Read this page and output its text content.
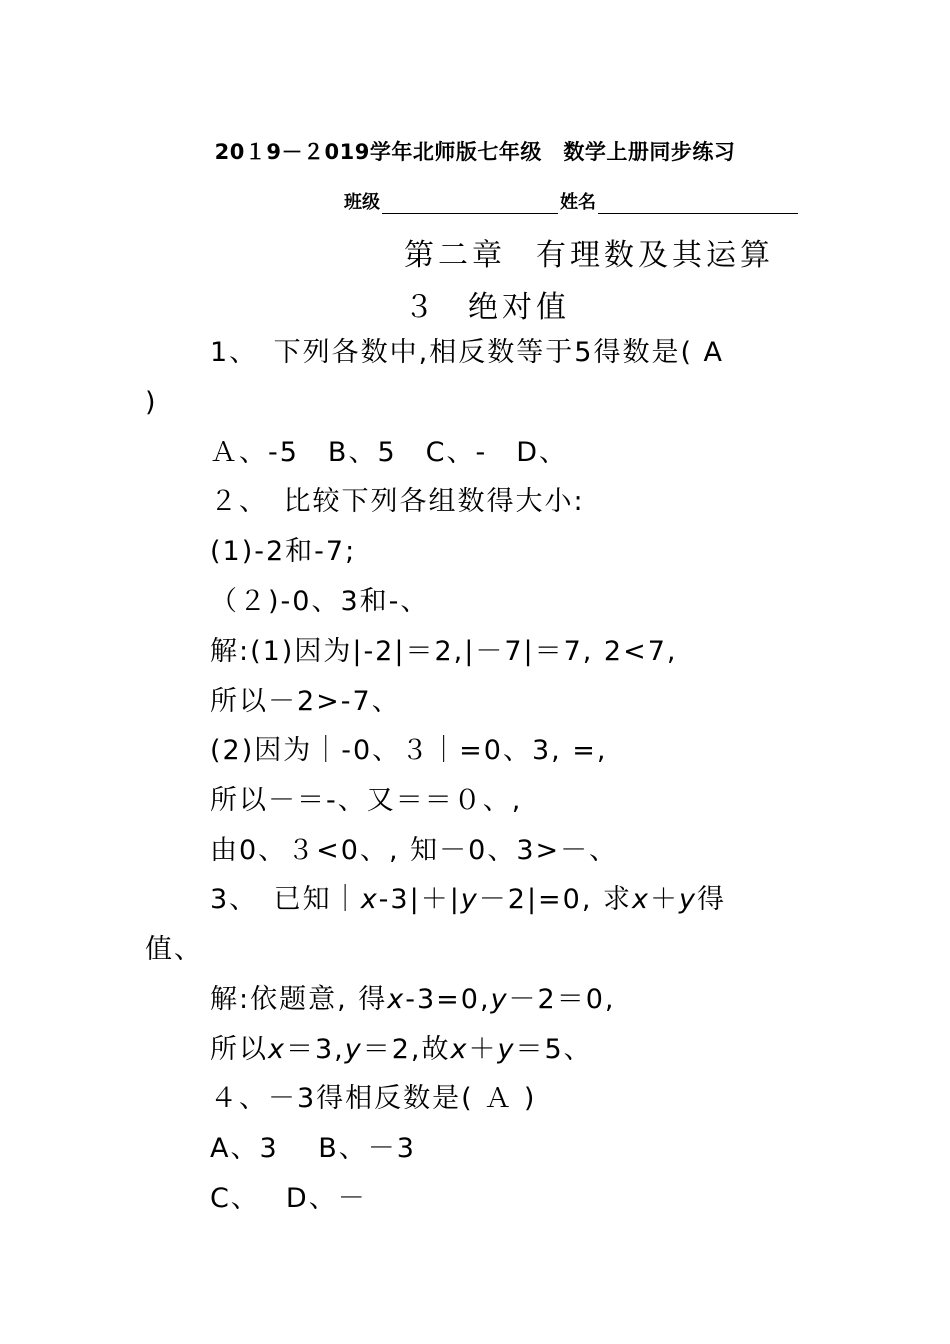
20１9－２019学年北师版七年级　数学上册同步练习
班级	姓名
第二章 有理数及其运算
３ 绝对值
1、　下列各数中,相反数等于5得数是( A
)
Ａ、-5　B、5　C、-　D、
２、　比较下列各组数得大小:
(1)-2和-7;
（２)-0、3和-、
解:(1)因为|-2|＝2,|－7|＝7, 2<7,
所以－2>-7、
(2)因为｜-0、３｜=0、3, =,
所以－＝-、又＝＝０、,
由0、３<0、, 知－0、3>－、
3、　已知｜x-3|＋|y－2|=0, 求x＋y得
值、
解:依题意, 得x-3=0,y－2＝0,
所以x＝3,y＝2,故x＋y＝5、
４、－3得相反数是( Ａ )
A、3　 B、－3
C、　 D、－
